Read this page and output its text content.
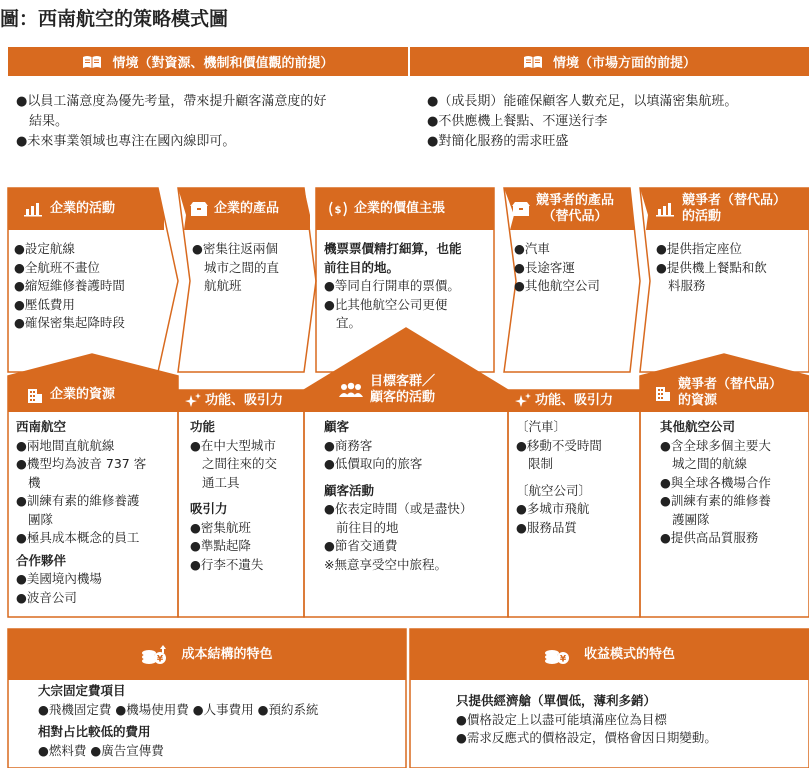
圖：西南航空的策略模式圖
情境（對資源、機制和價值觀的前提）	情境（市場方面的前提）

●以員工滿意度為優先考量，帶來提升顧客滿意度的好

結果。

●未來事業領域也專注在國內線即可。

●（成長期）能確保顧客人數充足，以填滿密集航班。

●不供應機上餐點、不運送行李

●對簡化服務的需求旺盛

企業的活動	企業的產品	$ 企業的價值主張
競爭者的產品
（替代品）
競爭者（替代品）
的活動
企業的資源	功能、吸引力
目標客群／
顧客的活動	功能、吸引力
競爭者（替代品）
的資源
¥ 成本結構的特色	¥ 收益模式的特色

●設定航線

●全航班不畫位

●縮短維修養護時間

●壓低費用

●確保密集起降時段

●密集往返兩個

城市之間的直

航航班

機票票價精打細算，也能

前往目的地。

●等同自行開車的票價。

●比其他航空公司更便

宜。

●汽車

●長途客運

●其他航空公司

●提供指定座位

●提供機上餐點和飲

料服務

西南航空

●兩地間直航航線

●機型均為波音 737 客

機

●訓練有素的維修養護

團隊

●極具成本概念的員工

合作夥伴

●美國境內機場

●波音公司

功能

●在中大型城市

之間往來的交

通工具

吸引力

●密集航班

●準點起降

●行李不遺失

顧客

●商務客

●低價取向的旅客

顧客活動

●依表定時間（或是盡快）

前往目的地

●節省交通費

※無意享受空中旅程。

〔汽車〕

●移動不受時間

限制

〔航空公司〕

●多城市飛航

●服務品質

其他航空公司

●含全球多個主要大

城之間的航線

●與全球各機場合作

●訓練有素的維修養

護團隊

●提供高品質服務

大宗固定費項目

●飛機固定費 ●機場使用費 ●人事費用 ●預約系統

相對占比較低的費用

●燃料費 ●廣告宣傳費

只提供經濟艙（單價低，薄利多銷）

●價格設定上以盡可能填滿座位為目標

●需求反應式的價格設定，價格會因日期變動。
